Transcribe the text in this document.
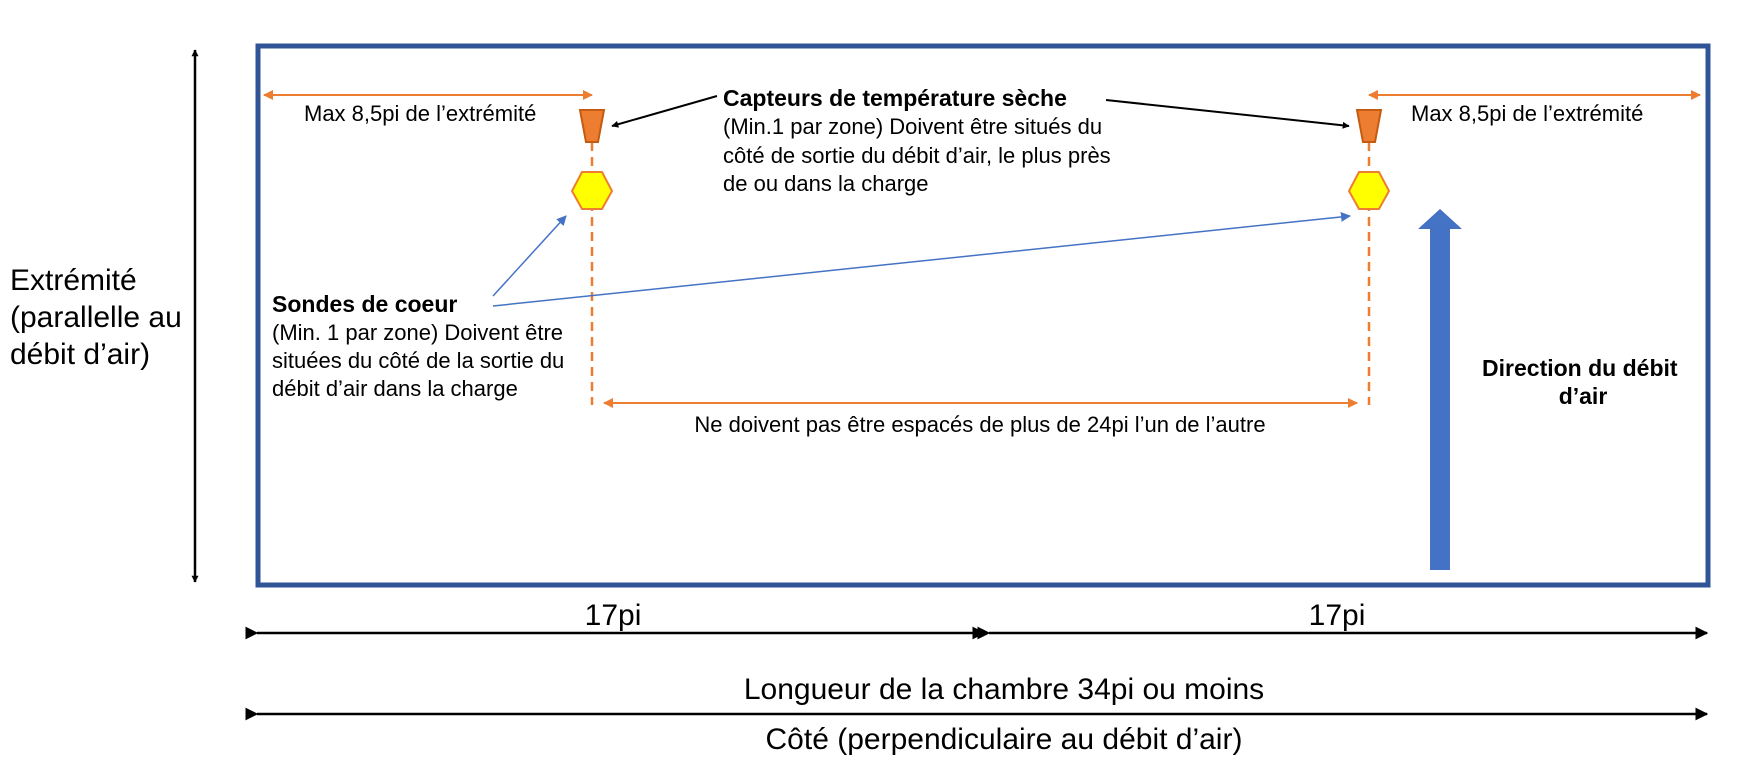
Extrémité (parallelle au débit d’air)
Max 8,5pi de l’extrémité	Max 8,5pi de l’extrémité
Capteurs de température sèche
(Min.1 par zone) Doivent être situés du côté de sortie du débit d’air, le plus près de ou dans la charge
Sondes de coeur
(Min. 1 par zone) Doivent être situées du côté de la sortie du débit d’air dans la charge
Ne doivent pas être espacés de plus de 24pi l’un de l’autre
Direction du débit d’air
17pi	17pi
Longueur de la chambre 34pi ou moins
Côté (perpendiculaire au débit d’air)
